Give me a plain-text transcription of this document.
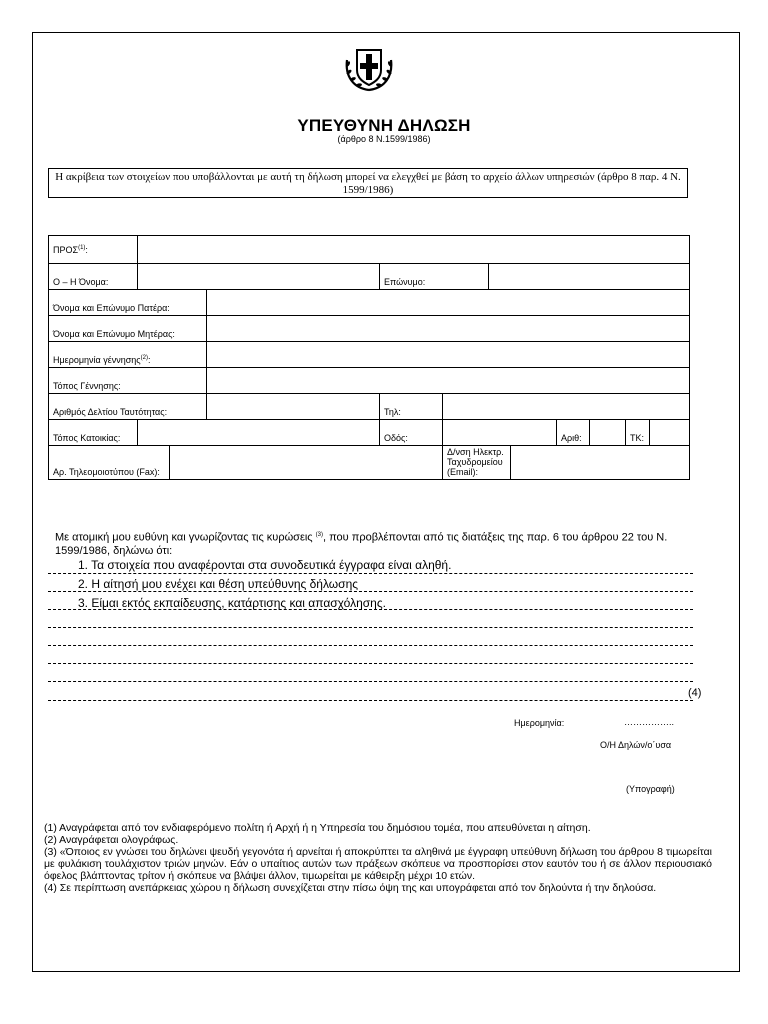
ΥΠΕΥΘΥΝΗ ΔΗΛΩΣΗ
(άρθρο 8 Ν.1599/1986)
Η ακρίβεια των στοιχείων που υποβάλλονται με αυτή τη δήλωση μπορεί να ελεγχθεί με βάση το αρχείο άλλων υπηρεσιών (άρθρο 8 παρ. 4 Ν. 1599/1986)
ΠΡΟΣ$^{(1)}$:											
Ο – Η Όνομα:				Επώνυμο:							
Όνομα και Επώνυμο Πατέρα:											
Όνομα και Επώνυμο Μητέρας:											
Ημερομηνία γέννησης$^{(2)}$:											
Τόπος Γέννησης:											
Αριθμός Δελτίου Ταυτότητας:				Τηλ:							
Τόπος Κατοικίας:				Οδός:				Αριθ:		ΤΚ:	
Αρ. Τηλεομοιοτύπου (Fax):					Δ/νση Ηλεκτρ. Ταχυδρομείου (Email):						
Με ατομική μου ευθύνη και γνωρίζοντας τις κυρώσεις $^{(3)}$, που προβλέπονται από τις διατάξεις της παρ. 6 του άρθρου 22 του Ν. 1599/1986, δηλώνω ότι:
1. Τα στοιχεία που αναφέρονται στα συνοδευτικά έγγραφα είναι αληθή.
2. Η αίτησή μου ενέχει και θέση υπεύθυνης δήλωσης
3. Είμαι εκτός εκπαίδευσης, κατάρτισης και απασχόλησης.
(4)
Ημερομηνία:	……………..
Ο/Η Δηλών/ο΄υσα
(Υπογραφή)

(1) Αναγράφεται από τον ενδιαφερόμενο πολίτη ή Αρχή ή η Υπηρεσία του δημόσιου τομέα, που απευθύνεται η αίτηση.

(2) Αναγράφεται ολογράφως.

(3) «Όποιος εν γνώσει του δηλώνει ψευδή γεγονότα ή αρνείται ή αποκρύπτει τα αληθινά με έγγραφη υπεύθυνη δήλωση του άρθρου 8 τιμωρείται με φυλάκιση τουλάχιστον τριών μηνών. Εάν ο υπαίτιος αυτών των πράξεων σκόπευε να προσπορίσει στον εαυτόν του ή σε άλλον περιουσιακό όφελος βλάπτοντας τρίτον ή σκόπευε να βλάψει άλλον, τιμωρείται με κάθειρξη μέχρι 10 ετών.

(4) Σε περίπτωση ανεπάρκειας χώρου η δήλωση συνεχίζεται στην πίσω όψη της και υπογράφεται από τον δηλούντα ή την δηλούσα.
